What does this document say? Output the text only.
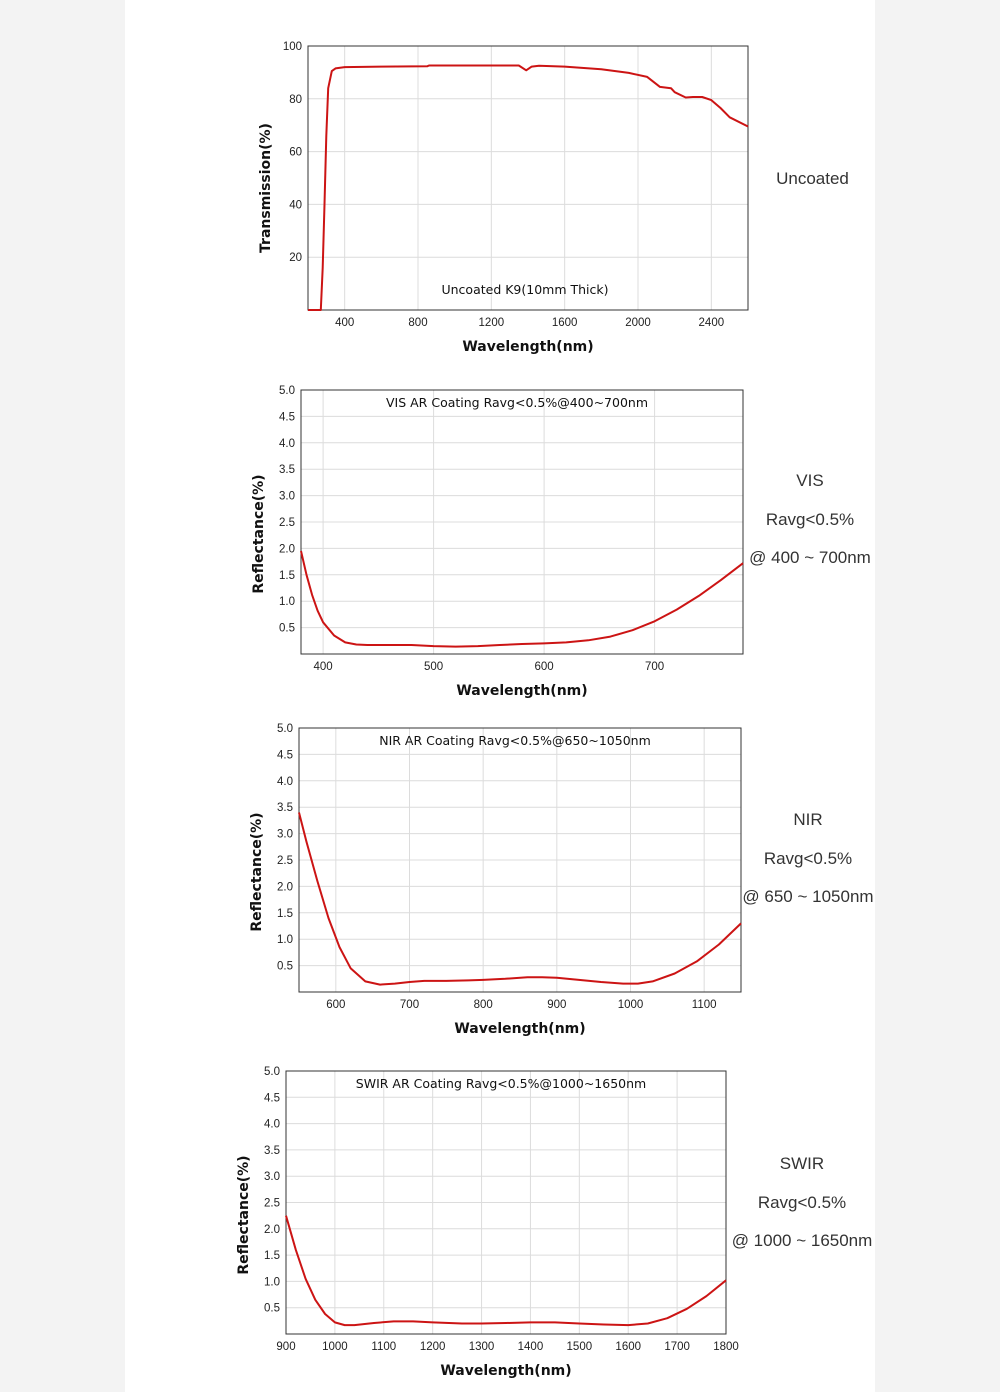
400	800	1200	1600	2000	2400
20
40
60
80
100
Uncoated K9(10mm Thick)
Wavelength(nm)
Transmission(%)
400	500	600	700
0.5
1.0
1.5
2.0
2.5
3.0
3.5
4.0
4.5
5.0
VIS AR Coating Ravg<0.5%@400~700nm
Wavelength(nm)
Reflectance(%)
600	700	800	900	1000	1100
0.5
1.0
1.5
2.0
2.5
3.0
3.5
4.0
4.5
5.0
NIR AR Coating Ravg<0.5%@650~1050nm
Wavelength(nm)
Reflectance(%)
900 1000 1100 1200 1300 1400 1500 1600 1700 1800
0.5
1.0
1.5
2.0
2.5
3.0
3.5
4.0
4.5
5.0
SWIR AR Coating Ravg<0.5%@1000~1650nm
Wavelength(nm)
Reflectance(%)
Uncoated
VIS
Ravg<0.5%
@ 400 ~ 700nm
NIR
Ravg<0.5%
@ 650 ~ 1050nm
SWIR
Ravg<0.5%
@ 1000 ~ 1650nm
